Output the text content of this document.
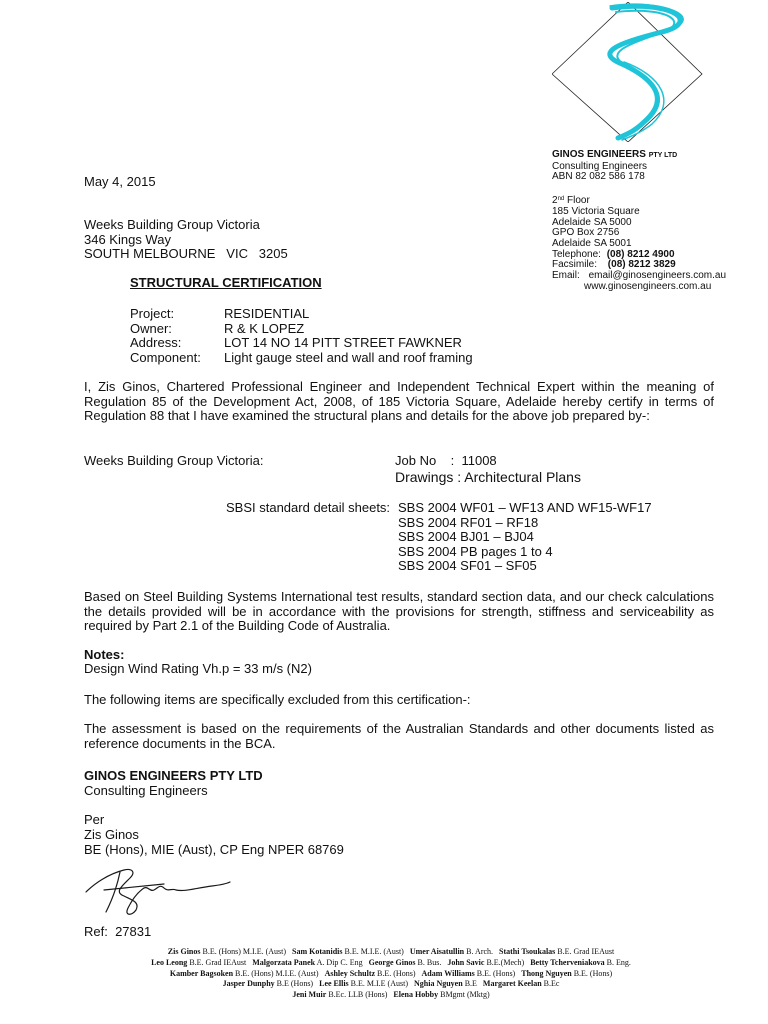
GINOS ENGINEERS PTY LTD
Consulting Engineers
ABN 82 082 586 178
2nd Floor
185 Victoria Square
Adelaide SA 5000
GPO Box 2756
Adelaide SA 5001
Telephone: (08) 8212 4900
Facsimile: (08) 8212 3829
Email: email@ginosengineers.com.au
www.ginosengineers.com.au
May 4, 2015
Weeks Building Group Victoria
346 Kings Way
SOUTH MELBOURNE   VIC   3205
STRUCTURAL CERTIFICATION
Project:	RESIDENTIAL
Owner:	R & K LOPEZ
Address:	LOT 14 NO 14 PITT STREET FAWKNER
Component: Light gauge steel and wall and roof framing
I, Zis Ginos, Chartered Professional Engineer and Independent Technical Expert within the meaning of Regulation 85 of the Development Act, 2008, of 185 Victoria Square, Adelaide hereby certify in terms of Regulation 88 that I have examined the structural plans and details for the above job prepared by-:
Weeks Building Group Victoria:	Job No    :  11008
Drawings : Architectural Plans
SBSI standard detail sheets: SBS 2004 WF01 – WF13 AND WF15-WF17
SBS 2004 RF01 – RF18
SBS 2004 BJ01 – BJ04
SBS 2004 PB pages 1 to 4
SBS 2004 SF01 – SF05
Based on Steel Building Systems International test results, standard section data, and our check calculations the details provided will be in accordance with the provisions for strength, stiffness and serviceability as required by Part 2.1 of the Building Code of Australia.
Notes:
Design Wind Rating Vh.p = 33 m/s (N2)
The following items are specifically excluded from this certification-:
The assessment is based on the requirements of the Australian Standards and other documents listed as reference documents in the BCA.
GINOS ENGINEERS PTY LTD
Consulting Engineers
Per
Zis Ginos
BE (Hons), MIE (Aust), CP Eng NPER 68769
Ref:  27831
Zis Ginos B.E. (Hons) M.I.E. (Aust) Sam Kotanidis B.E. M.I.E. (Aust) Umer Aisatullin B. Arch. Stathi Tsoukalas B.E. Grad IEAust
Leo Leong B.E. Grad IEAust Malgorzata Panek A. Dip C. Eng George Ginos B. Bus. John Savic B.E.(Mech) Betty Tcherveniakova B. Eng.
Kamber Bagsoken B.E. (Hons) M.I.E. (Aust) Ashley Schultz B.E. (Hons) Adam Williams B.E. (Hons) Thong Nguyen B.E. (Hons)
Jasper Dunphy B.E (Hons) Lee Ellis B.E. M.I.E (Aust) Nghia Nguyen B.E Margaret Keelan B.Ec
Jeni Muir B.Ec. LLB (Hons) Elena Hobby BMgmt (Mktg)
